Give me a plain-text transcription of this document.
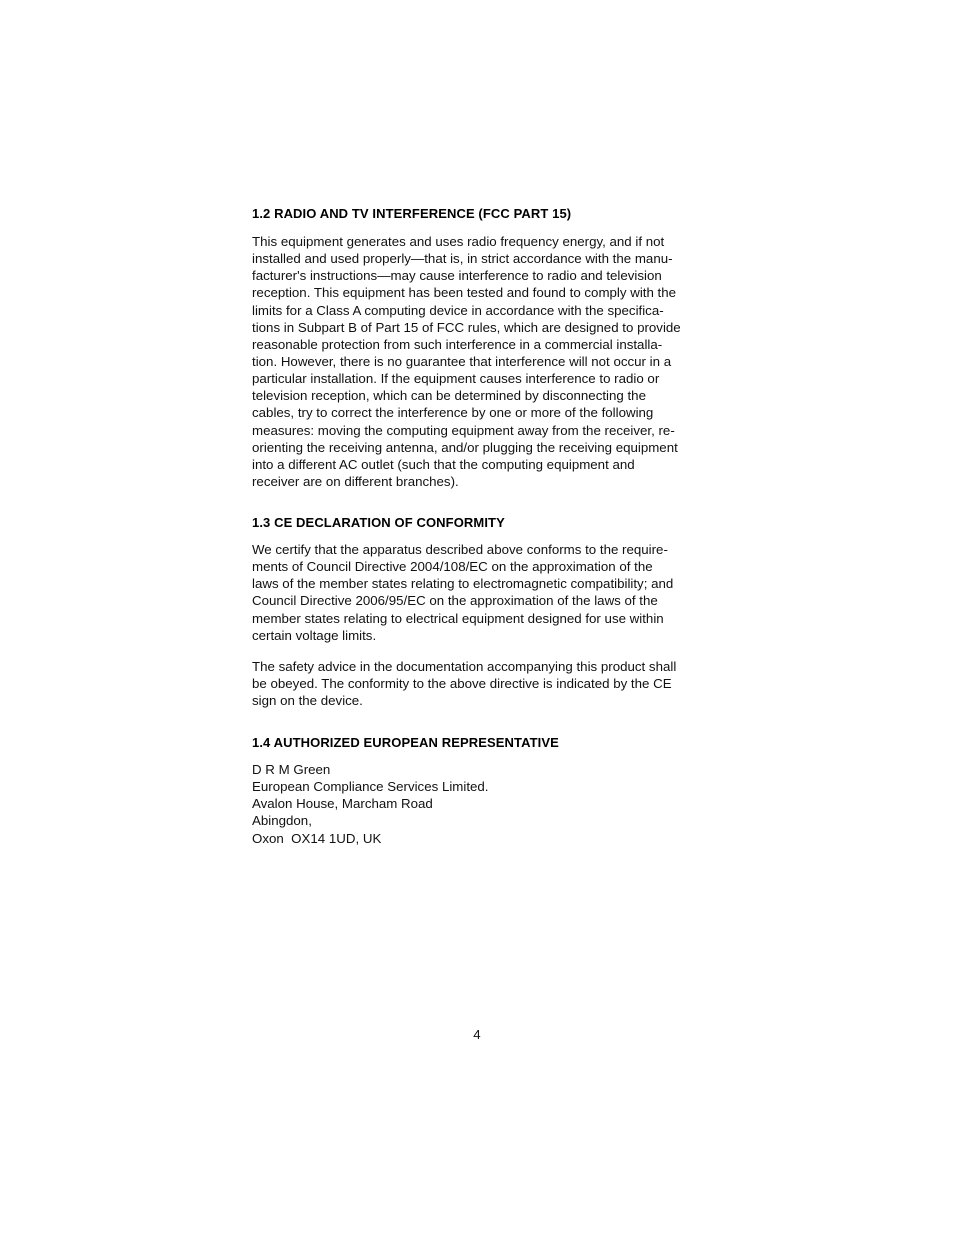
1.2 RADIO AND TV INTERFERENCE (FCC PART 15)
This equipment generates and uses radio frequency energy, and if not
installed and used properly—that is, in strict accordance with the manu-
facturer's instructions—may cause interference to radio and television
reception. This equipment has been tested and found to comply with the
limits for a Class A computing device in accordance with the specifica-
tions in Subpart B of Part 15 of FCC rules, which are designed to provide
reasonable protection from such interference in a commercial installa-
tion. However, there is no guarantee that interference will not occur in a
particular installation. If the equipment causes interference to radio or
television reception, which can be determined by disconnecting the
cables, try to correct the interference by one or more of the following
measures: moving the computing equipment away from the receiver, re-
orienting the receiving antenna, and/or plugging the receiving equipment
into a different AC outlet (such that the computing equipment and
receiver are on different branches).
1.3 CE DECLARATION OF CONFORMITY
We certify that the apparatus described above conforms to the require-
ments of Council Directive 2004/108/EC on the approximation of the
laws of the member states relating to electromagnetic compatibility; and
Council Directive 2006/95/EC on the approximation of the laws of the
member states relating to electrical equipment designed for use within
certain voltage limits.
The safety advice in the documentation accompanying this product shall
be obeyed. The conformity to the above directive is indicated by the CE
sign on the device.
1.4 AUTHORIZED EUROPEAN REPRESENTATIVE
D R M Green
European Compliance Services Limited.
Avalon House, Marcham Road
Abingdon,
Oxon  OX14 1UD, UK
4
